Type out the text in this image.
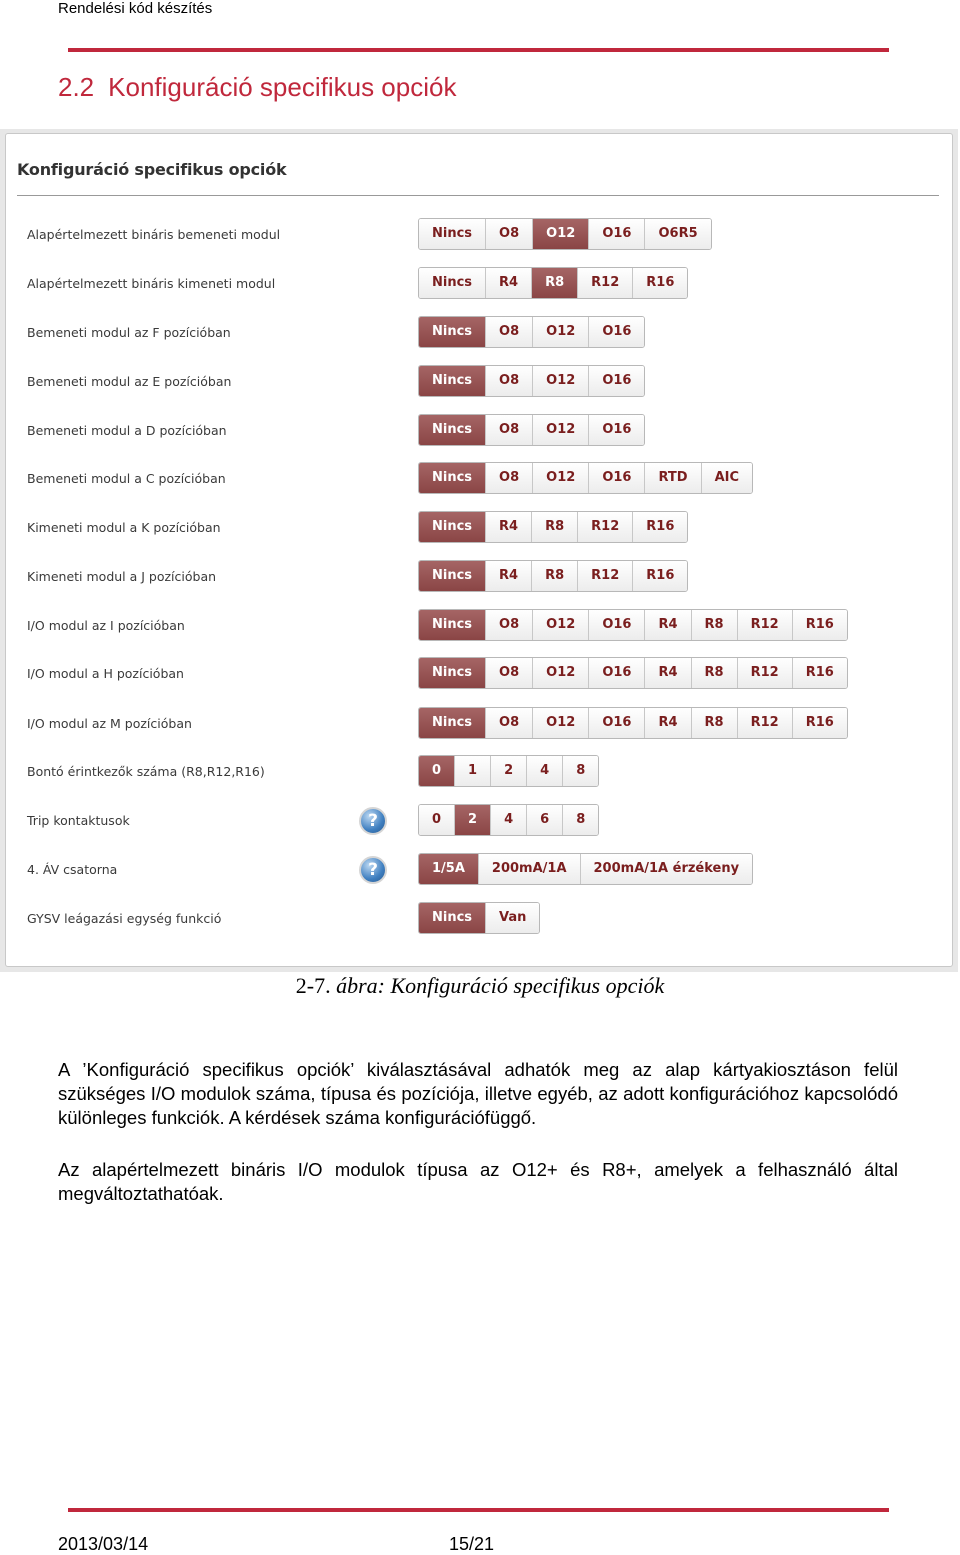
Rendelési kód készítés
2.2 Konfiguráció specifikus opciók
Konfiguráció specifikus opciók
Alapértelmezett bináris bemeneti modul	Nincs	O8	O12	O16	O6R5
Alapértelmezett bináris kimeneti modul	Nincs	R4	R8	R12	R16
Bemeneti modul az F pozícióban	Nincs	O8	O12	O16
Bemeneti modul az E pozícióban	Nincs	O8	O12	O16
Bemeneti modul a D pozícióban	Nincs	O8	O12	O16
Bemeneti modul a C pozícióban	Nincs	O8	O12	O16	RTD	AIC
Kimeneti modul a K pozícióban	Nincs	R4	R8	R12	R16
Kimeneti modul a J pozícióban	Nincs	R4	R8	R12	R16
I/O modul az I pozícióban	Nincs	O8	O12	O16	R4	R8	R12	R16
I/O modul a H pozícióban	Nincs	O8	O12	O16	R4	R8	R12	R16
I/O modul az M pozícióban	Nincs	O8	O12	O16	R4	R8	R12	R16
Bontó érintkezők száma (R8,R12,R16)	0	1	2	4	8
Trip kontaktusok	?	0	2	4	6	8
4. ÁV csatorna	?	1/5A	200mA/1A	200mA/1A érzékeny
GYSV leágazási egység funkció	Nincs	Van
2-7. ábra: Konfiguráció specifikus opciók
A ’Konfiguráció specifikus opciók’ kiválasztásával adhatók meg az alap kártyakiosztáson felül szükséges I/O modulok száma, típusa és pozíciója, illetve egyéb, az adott konfigurációhoz kapcsolódó különleges funkciók. A kérdések száma konfigurációfüggő.
Az alapértelmezett bináris I/O modulok típusa az O12+ és R8+, amelyek a felhasználó által megváltoztathatóak.
2013/03/14	15/21
